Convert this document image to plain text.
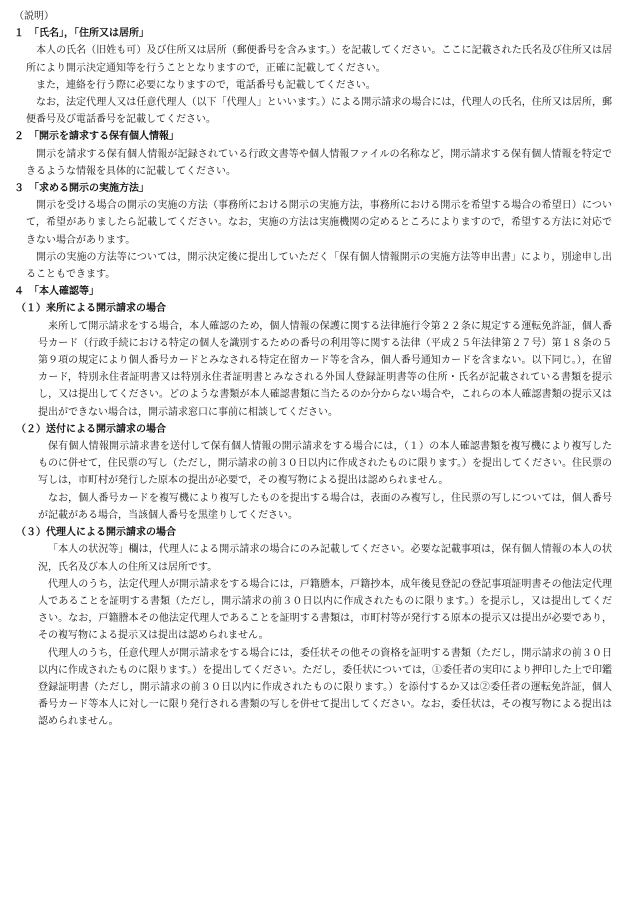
（説明）

１　「氏名」，「住所又は居所」

本人の氏名（旧姓も可）及び住所又は居所（郵便番号を含みます。）を記載してください。ここに記載された氏名及び住所又は居所により開示決定通知等を行うこととなりますので，正確に記載してください。

また，連絡を行う際に必要になりますので，電話番号も記載してください。

なお，法定代理人又は任意代理人（以下「代理人」といいます。）による開示請求の場合には，代理人の氏名，住所又は居所，郵便番号及び電話番号を記載してください。

２　「開示を請求する保有個人情報」

開示を請求する保有個人情報が記録されている行政文書等や個人情報ファイルの名称など，開示請求する保有個人情報を特定できるような情報を具体的に記載してください。

３　「求める開示の実施方法」

開示を受ける場合の開示の実施の方法（事務所における開示の実施方法，事務所における開示を希望する場合の希望日）について，希望がありましたら記載してください。なお，実施の方法は実施機関の定めるところによりますので，希望する方法に対応できない場合があります。

開示の実施の方法等については，開示決定後に提出していただく「保有個人情報開示の実施方法等申出書」により，別途申し出ることもできます。

４　「本人確認等」

（１）来所による開示請求の場合

来所して開示請求をする場合，本人確認のため，個人情報の保護に関する法律施行令第２２条に規定する運転免許証，個人番号カード（行政手続における特定の個人を識別するための番号の利用等に関する法律（平成２５年法律第２７号）第１８条の５第９項の規定により個人番号カードとみなされる特定在留カード等を含み，個人番号通知カードを含まない。以下同じ。），在留カード，特別永住者証明書又は特別永住者証明書とみなされる外国人登録証明書等の住所・氏名が記載されている書類を提示し，又は提出してください。どのような書類が本人確認書類に当たるのか分からない場合や，これらの本人確認書類の提示又は提出ができない場合は，開示請求窓口に事前に相談してください。

（２）送付による開示請求の場合

保有個人情報開示請求書を送付して保有個人情報の開示請求をする場合には，（１）の本人確認書類を複写機により複写したものに併せて，住民票の写し（ただし，開示請求の前３０日以内に作成されたものに限ります。）を提出してください。住民票の写しは，市町村が発行した原本の提出が必要で，その複写物による提出は認められません。

なお，個人番号カードを複写機により複写したものを提出する場合は，表面のみ複写し，住民票の写しについては，個人番号が記載がある場合，当該個人番号を黒塗りしてください。

（３）代理人による開示請求の場合

「本人の状況等」欄は，代理人による開示請求の場合にのみ記載してください。必要な記載事項は，保有個人情報の本人の状況，氏名及び本人の住所又は居所です。

代理人のうち，法定代理人が開示請求をする場合には，戸籍謄本，戸籍抄本，成年後見登記の登記事項証明書その他法定代理人であることを証明する書類（ただし，開示請求の前３０日以内に作成されたものに限ります。）を提示し，又は提出してください。なお，戸籍謄本その他法定代理人であることを証明する書類は，市町村等が発行する原本の提示又は提出が必要であり，その複写物による提示又は提出は認められません。

代理人のうち，任意代理人が開示請求をする場合には，委任状その他その資格を証明する書類（ただし，開示請求の前３０日以内に作成されたものに限ります。）を提出してください。ただし，委任状については，①委任者の実印により押印した上で印鑑登録証明書（ただし，開示請求の前３０日以内に作成されたものに限ります。）を添付するか又は②委任者の運転免許証，個人番号カード等本人に対し一に限り発行される書類の写しを併せて提出してください。なお，委任状は，その複写物による提出は認められません。
